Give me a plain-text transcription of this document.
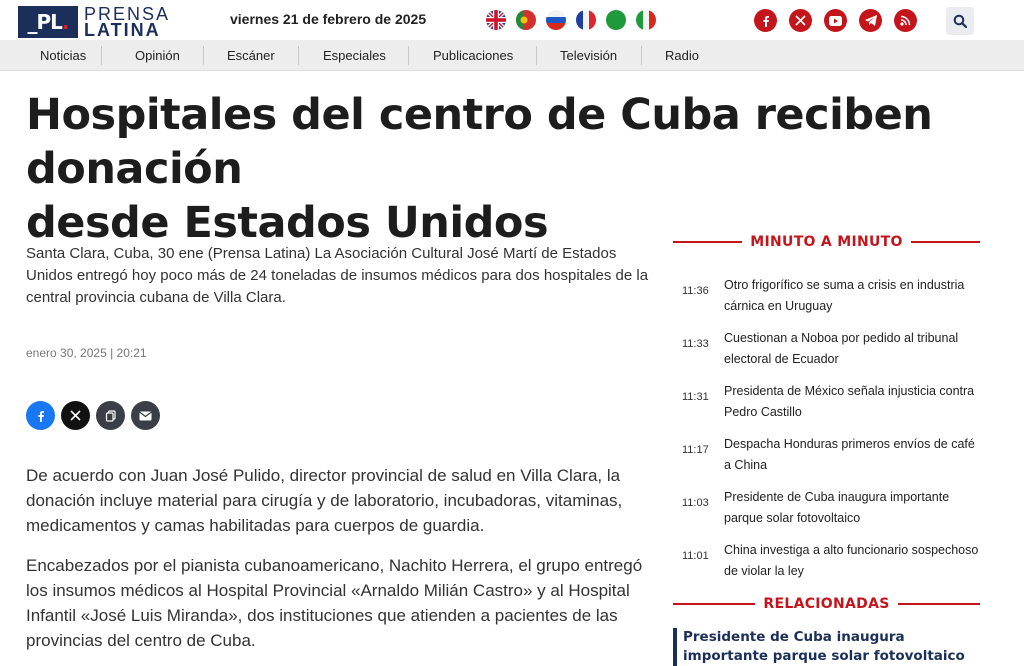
_PL . PRENSA
LATINA
viernes 21 de febrero de 2025
Noticias	Opinión	Escáner	Especiales	Publicaciones	Televisión	Radio
Hospitales del centro de Cuba reciben donación
desde Estados Unidos

Santa Clara, Cuba, 30 ene (Prensa Latina) La Asociación Cultural José Martí de Estados Unidos entregó hoy poco más de 24 toneladas de insumos médicos para dos hospitales de la central provincia cubana de Villa Clara.

enero 30, 2025 | 20:21

De acuerdo con Juan José Pulido, director provincial de salud en Villa Clara, la donación incluye material para cirugía y de laboratorio, incubadoras, vitaminas, medicamentos y camas habilitadas para cuerpos de guardia.

Encabezados por el pianista cubanoamericano, Nachito Herrera, el grupo entregó los insumos médicos al Hospital Provincial «Arnaldo Milián Castro» y al Hospital Infantil «José Luis Miranda», dos instituciones que atienden a pacientes de las provincias del centro de Cuba.

MINUTO A MINUTO
11:36 Otro frigorífico se suma a crisis en industria cárnica en Uruguay
11:33 Cuestionan a Noboa por pedido al tribunal electoral de Ecuador
11:31 Presidenta de México señala injusticia contra Pedro Castillo
11:17 Despacha Honduras primeros envíos de café a China
11:03 Presidente de Cuba inaugura importante parque solar fotovoltaico
11:01 China investiga a alto funcionario sospechoso de violar la ley
RELACIONADAS
Presidente de Cuba inaugura importante parque solar fotovoltaico
